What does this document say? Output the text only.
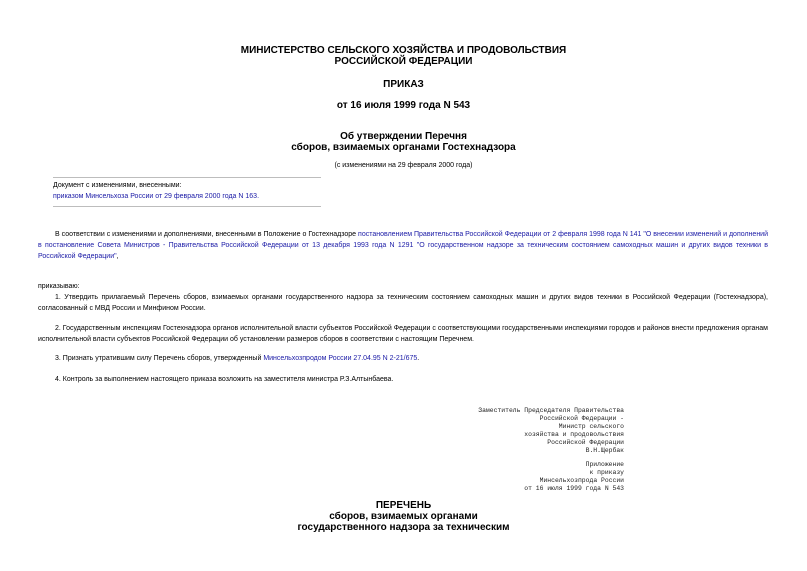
МИНИСТЕРСТВО СЕЛЬСКОГО ХОЗЯЙСТВА И ПРОДОВОЛЬСТВИЯ
РОССИЙСКОЙ ФЕДЕРАЦИИ
ПРИКАЗ
от 16 июля 1999 года N 543
Об утверждении Перечня
сборов, взимаемых органами Гостехнадзора
(с изменениями на 29 февраля 2000 года)
Документ с изменениями, внесенными:
приказом Минсельхоза России от 29 февраля 2000 года N 163.
В соответствии с изменениями и дополнениями, внесенными в Положение о Гостехнадзоре постановлением Правительства Российской Федерации от 2 февраля 1998 года N 141 "О внесении изменений и дополнений в постановление Совета Министров - Правительства Российской Федерации от 13 декабря 1993 года N 1291 "О государственном надзоре за техническим состоянием самоходных машин и других видов техники в Российской Федерации",
приказываю:
1. Утвердить прилагаемый Перечень сборов, взимаемых органами государственного надзора за техническим состоянием самоходных машин и других видов техники в Российской Федерации (Гостехнадзора), согласованный с МВД России и Минфином России.
2. Государственным инспекциям Гостехнадзора органов исполнительной власти субъектов Российской Федерации с соответствующими государственными инспекциями городов и районов внести предложения органам исполнительной власти субъектов Российской Федерации об установлении размеров сборов в соответствии с настоящим Перечнем.
3. Признать утратившим силу Перечень сборов, утвержденный Минсельхозпродом России 27.04.95 N 2-21/675.
4. Контроль за выполнением настоящего приказа возложить на заместителя министра Р.З.Алтынбаева.
Заместитель Председателя Правительства
Российской Федерации -
Министр сельского
хозяйства и продовольствия
Российской Федерации
В.Н.Щербак
Приложение
к приказу
Минсельхозпрода России
от 16 июля 1999 года N 543
ПЕРЕЧЕНЬ
сборов, взимаемых органами
государственного надзора за техническим
